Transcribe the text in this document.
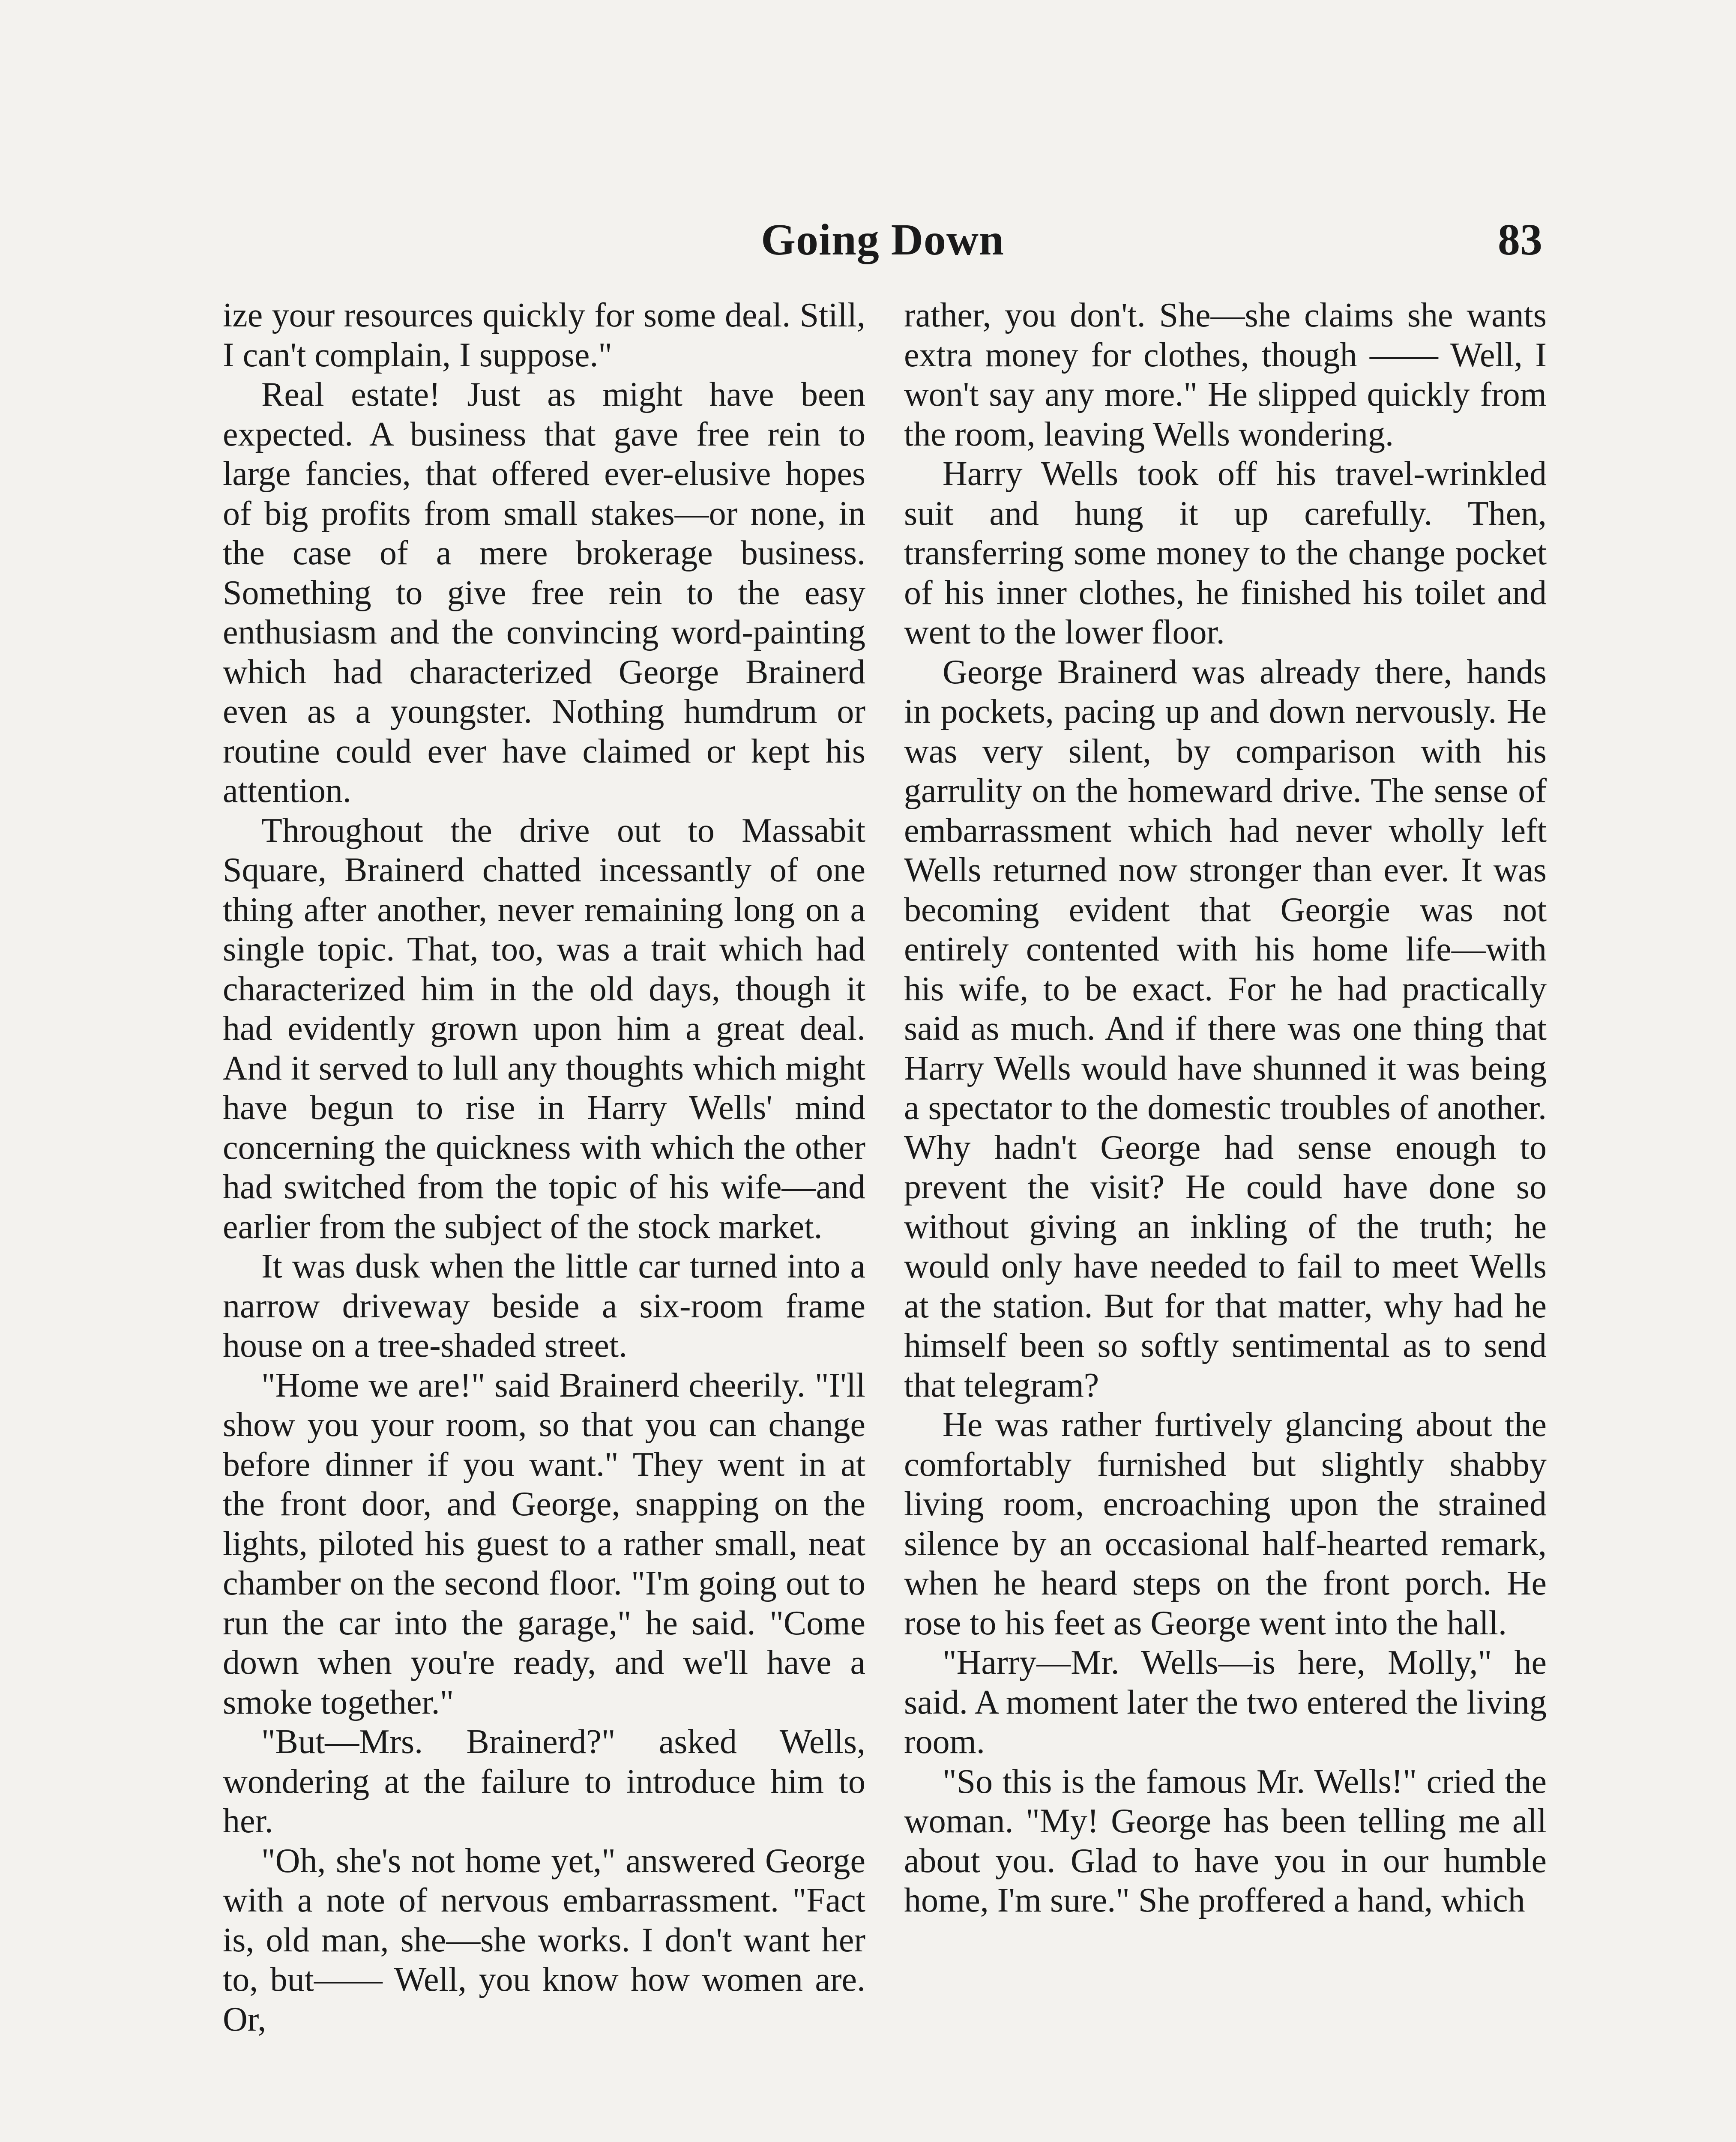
Going Down	83

ize your resources quickly for some deal. Still, I can't complain, I suppose."

Real estate! Just as might have been expected. A business that gave free rein to large fancies, that offered ever-elusive hopes of big profits from small stakes—or none, in the case of a mere brokerage business. Something to give free rein to the easy enthusiasm and the convincing word-painting which had characterized George Brainerd even as a youngster. Nothing humdrum or routine could ever have claimed or kept his attention.

Throughout the drive out to Massabit Square, Brainerd chatted incessantly of one thing after another, never remaining long on a single topic. That, too, was a trait which had characterized him in the old days, though it had evidently grown upon him a great deal. And it served to lull any thoughts which might have begun to rise in Harry Wells' mind concerning the quickness with which the other had switched from the topic of his wife—and earlier from the subject of the stock market.

It was dusk when the little car turned into a narrow driveway beside a six-room frame house on a tree-shaded street.

"Home we are!" said Brainerd cheerily. "I'll show you your room, so that you can change before dinner if you want." They went in at the front door, and George, snapping on the lights, piloted his guest to a rather small, neat chamber on the second floor. "I'm going out to run the car into the garage," he said. "Come down when you're ready, and we'll have a smoke together."

"But—Mrs. Brainerd?" asked Wells, wondering at the failure to introduce him to her.

"Oh, she's not home yet," answered George with a note of nervous embarrassment. "Fact is, old man, she—she works. I don't want her to, but—— Well, you know how women are. Or,

rather, you don't. She—she claims she wants extra money for clothes, though —— Well, I won't say any more." He slipped quickly from the room, leaving Wells wondering.

Harry Wells took off his travel-wrinkled suit and hung it up carefully. Then, transferring some money to the change pocket of his inner clothes, he finished his toilet and went to the lower floor.

George Brainerd was already there, hands in pockets, pacing up and down nervously. He was very silent, by comparison with his garrulity on the homeward drive. The sense of embarrassment which had never wholly left Wells returned now stronger than ever. It was becoming evident that Georgie was not entirely contented with his home life—with his wife, to be exact. For he had practically said as much. And if there was one thing that Harry Wells would have shunned it was being a spectator to the domestic troubles of another. Why hadn't George had sense enough to prevent the visit? He could have done so without giving an inkling of the truth; he would only have needed to fail to meet Wells at the station. But for that matter, why had he himself been so softly sentimental as to send that telegram?

He was rather furtively glancing about the comfortably furnished but slightly shabby living room, encroaching upon the strained silence by an occasional half-hearted remark, when he heard steps on the front porch. He rose to his feet as George went into the hall.

"Harry—Mr. Wells—is here, Molly," he said. A moment later the two entered the living room.

"So this is the famous Mr. Wells!" cried the woman. "My! George has been telling me all about you. Glad to have you in our humble home, I'm sure." She proffered a hand, which
